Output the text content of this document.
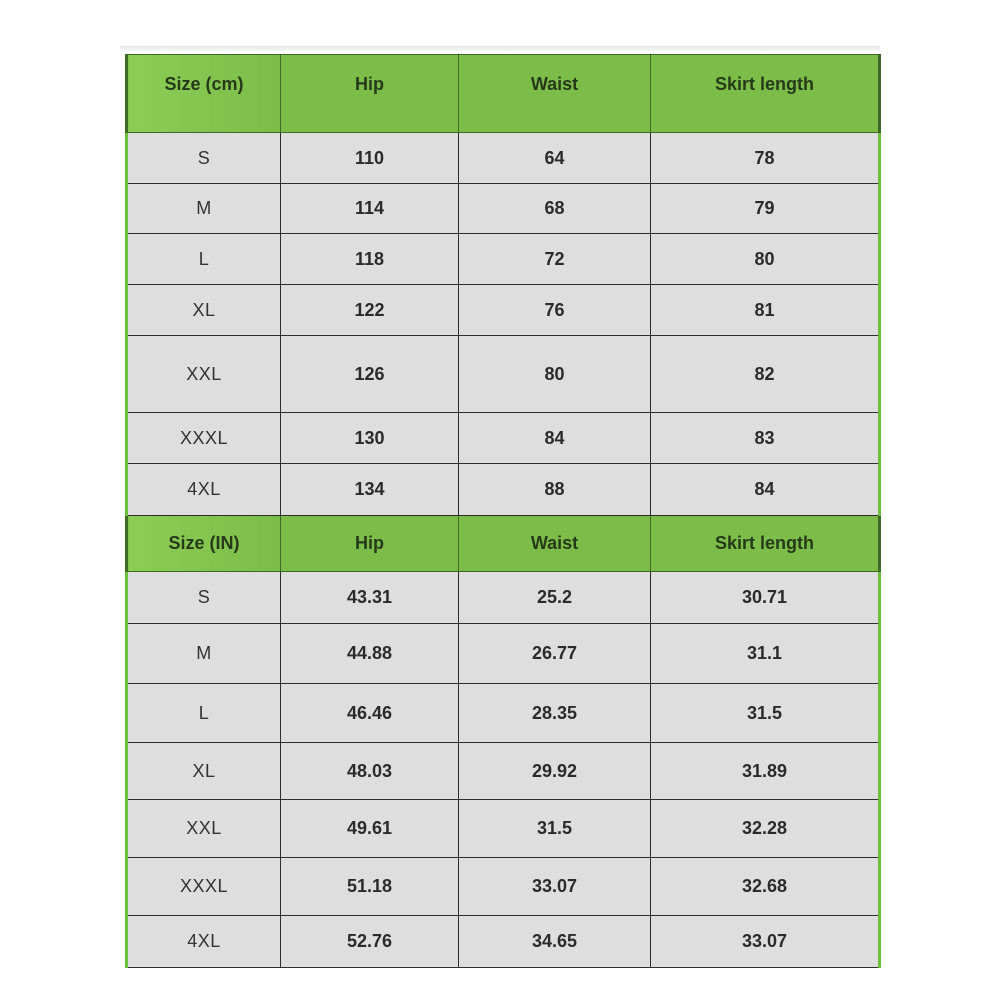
Size (cm)	Hip	Waist	Skirt length
S	110	64	78
M	114	68	79
L	118	72	80
XL	122	76	81
XXL	126	80	82
XXXL	130	84	83
4XL	134	88	84
Size (IN)	Hip	Waist	Skirt length
S	43.31	25.2	30.71
M	44.88	26.77	31.1
L	46.46	28.35	31.5
XL	48.03	29.92	31.89
XXL	49.61	31.5	32.28
XXXL	51.18	33.07	32.68
4XL	52.76	34.65	33.07
